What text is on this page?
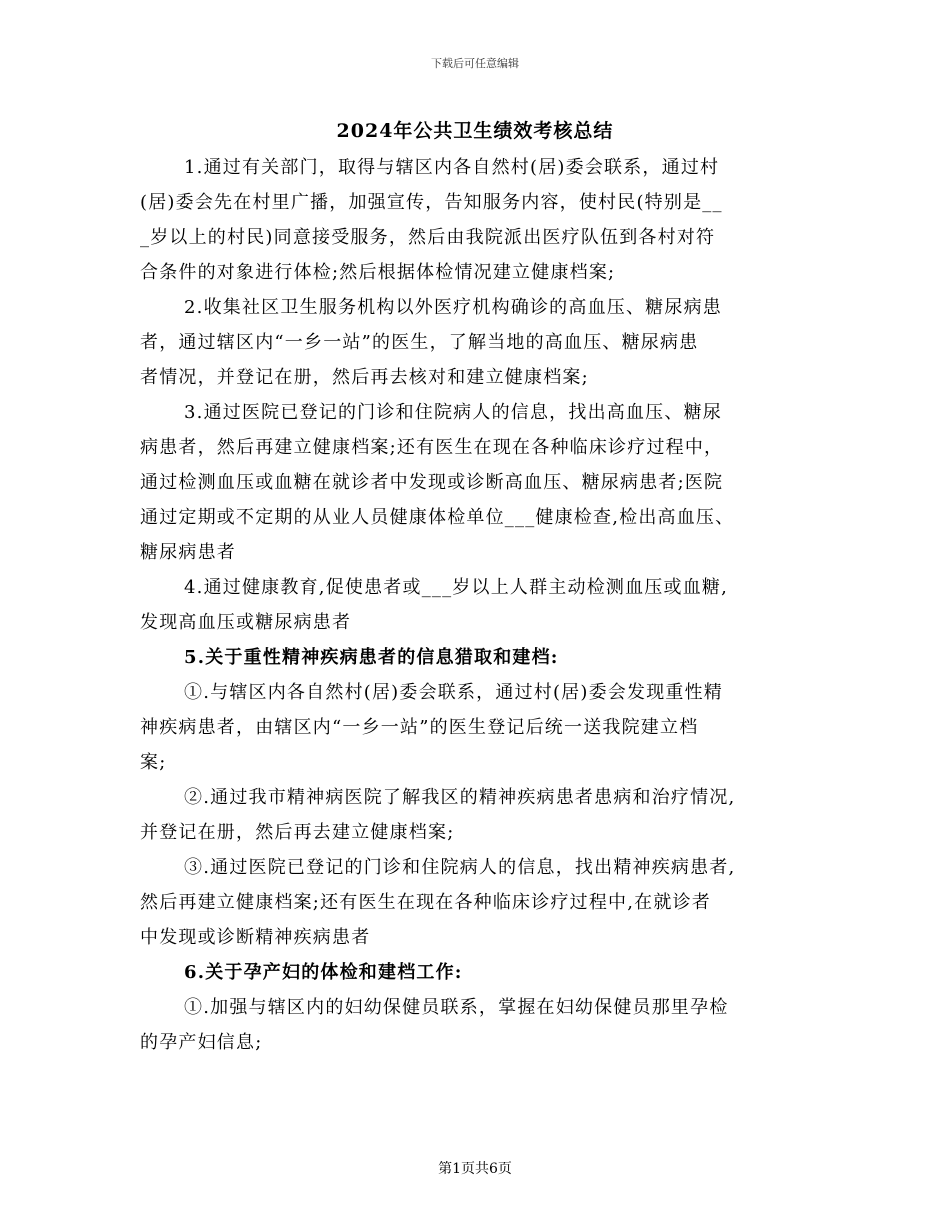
下载后可任意编辑
2024年公共卫生绩效考核总结
1.通过有关部门，取得与辖区内各自然村(居)委会联系，通过村
(居)委会先在村里广播，加强宣传，告知服务内容，使村民(特别是__
_岁以上的村民)同意接受服务，然后由我院派出医疗队伍到各村对符
合条件的对象进行体检;然后根据体检情况建立健康档案;
2.收集社区卫生服务机构以外医疗机构确诊的高血压、糖尿病患
者，通过辖区内“一乡一站”的医生，了解当地的高血压、糖尿病患
者情况，并登记在册，然后再去核对和建立健康档案;
3.通过医院已登记的门诊和住院病人的信息，找出高血压、糖尿
病患者，然后再建立健康档案;还有医生在现在各种临床诊疗过程中，
通过检测血压或血糖在就诊者中发现或诊断高血压、糖尿病患者;医院
通过定期或不定期的从业人员健康体检单位___健康检查,检出高血压、
糖尿病患者
4.通过健康教育,促使患者或___岁以上人群主动检测血压或血糖,
发现高血压或糖尿病患者
5.关于重性精神疾病患者的信息猎取和建档:
①.与辖区内各自然村(居)委会联系，通过村(居)委会发现重性精
神疾病患者，由辖区内“一乡一站”的医生登记后统一送我院建立档
案;
②.通过我市精神病医院了解我区的精神疾病患者患病和治疗情况,
并登记在册，然后再去建立健康档案;
③.通过医院已登记的门诊和住院病人的信息，找出精神疾病患者,
然后再建立健康档案;还有医生在现在各种临床诊疗过程中,在就诊者
中发现或诊断精神疾病患者
6.关于孕产妇的体检和建档工作:
①.加强与辖区内的妇幼保健员联系，掌握在妇幼保健员那里孕检
的孕产妇信息;
第1页共6页
